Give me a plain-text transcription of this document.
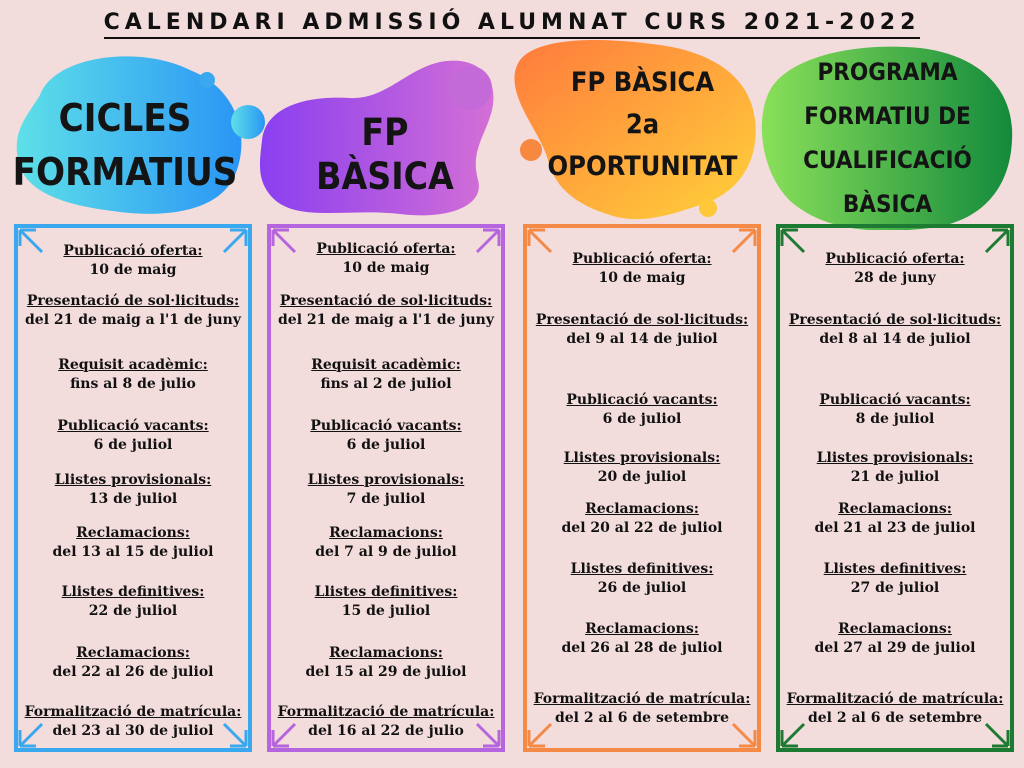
CALENDARI ADMISSIÓ ALUMNAT CURS 2021-2022
CICLES
FORMATIUS
FP BÀSICA
FP BÀSICA
2a OPORTUNITAT
PROGRAMA
FORMATIU DE
CUALIFICACIÓ BÀSICA
Publicació oferta:
10 de maig
Presentació de sol·licituds:
del 21 de maig a l'1 de juny
Requisit acadèmic:
fins al 8 de julio
Publicació vacants:
6 de juliol
Llistes provisionals:
13 de juliol
Reclamacions:
del 13 al 15 de juliol
Llistes definitives:
22 de juliol
Reclamacions:
del 22 al 26 de juliol
Formalització de matrícula:
del 23 al 30 de juliol
Publicació oferta:
10 de maig
Presentació de sol·licituds:
del 21 de maig a l'1 de juny
Requisit acadèmic:
fins al 2 de juliol
Publicació vacants:
6 de juliol
Llistes provisionals:
7 de juliol
Reclamacions:
del 7 al 9 de juliol
Llistes definitives:
15 de juliol
Reclamacions:
del 15 al 29 de juliol
Formalització de matrícula:
del 16 al 22 de julio
Publicació oferta:
10 de maig
Presentació de sol·licituds:
del 9 al 14 de juliol
Publicació vacants:
6 de juliol
Llistes provisionals:
20 de juliol
Reclamacions:
del 20 al 22 de juliol
Llistes definitives:
26 de juliol
Reclamacions:
del 26 al 28 de juliol
Formalització de matrícula:
del 2 al 6 de setembre
Publicació oferta:
28 de juny
Presentació de sol·licituds:
del 8 al 14 de juliol
Publicació vacants:
8 de juliol
Llistes provisionals:
21 de juliol
Reclamacions:
del 21 al 23 de juliol
Llistes definitives:
27 de juliol
Reclamacions:
del 27 al 29 de juliol
Formalització de matrícula:
del 2 al 6 de setembre
